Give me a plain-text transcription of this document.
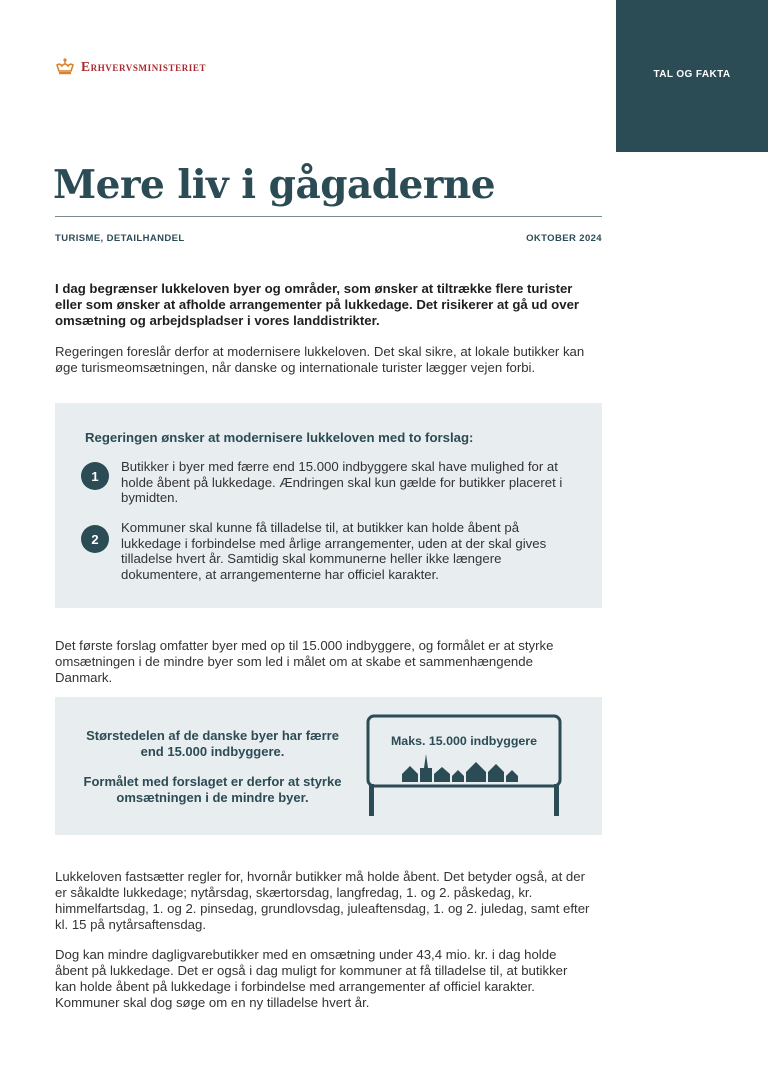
TAL OG FAKTA
Erhvervsministeriet
Mere liv i gågaderne
TURISME, DETAILHANDEL	OKTOBER 2024

I dag begrænser lukkeloven byer og områder, som ønsker at tiltrække flere turister eller som ønsker at afholde arrangementer på lukkedage. Det risikerer at gå ud over omsætning og arbejdspladser i vores landdistrikter.

Regeringen foreslår derfor at modernisere lukkeloven. Det skal sikre, at lokale butikker kan øge turismeomsætningen, når danske og internationale turister lægger vejen forbi.

Regeringen ønsker at modernisere lukkeloven med to forslag:

1

Butikker i byer med færre end 15.000 indbyggere skal have mulighed for at holde åbent på lukkedage. Ændringen skal kun gælde for butikker placeret i bymidten.

2

Kommuner skal kunne få tilladelse til, at butikker kan holde åbent på lukkedage i forbindelse med årlige arrangementer, uden at der skal gives tilladelse hvert år. Samtidig skal kommunerne heller ikke længere dokumentere, at arrangementerne har officiel karakter.

Det første forslag omfatter byer med op til 15.000 indbyggere, og formålet er at styrke omsætningen i de mindre byer som led i målet om at skabe et sammenhængende Danmark.

Størstedelen af de danske byer har færre end 15.000 indbyggere.

Formålet med forslaget er derfor at styrke omsætningen i de mindre byer.

Maks. 15.000 indbyggere

Lukkeloven fastsætter regler for, hvornår butikker må holde åbent. Det betyder også, at der er såkaldte lukkedage; nytårsdag, skærtorsdag, langfredag, 1. og 2. påskedag, kr. himmelfartsdag, 1. og 2. pinsedag, grundlovsdag, juleaftensdag, 1. og 2. juledag, samt efter kl. 15 på nytårsaftensdag.

Dog kan mindre dagligvarebutikker med en omsætning under 43,4 mio. kr. i dag holde åbent på lukkedage. Det er også i dag muligt for kommuner at få tilladelse til, at butikker kan holde åbent på lukkedage i forbindelse med arrangementer af officiel karakter. Kommuner skal dog søge om en ny tilladelse hvert år.
